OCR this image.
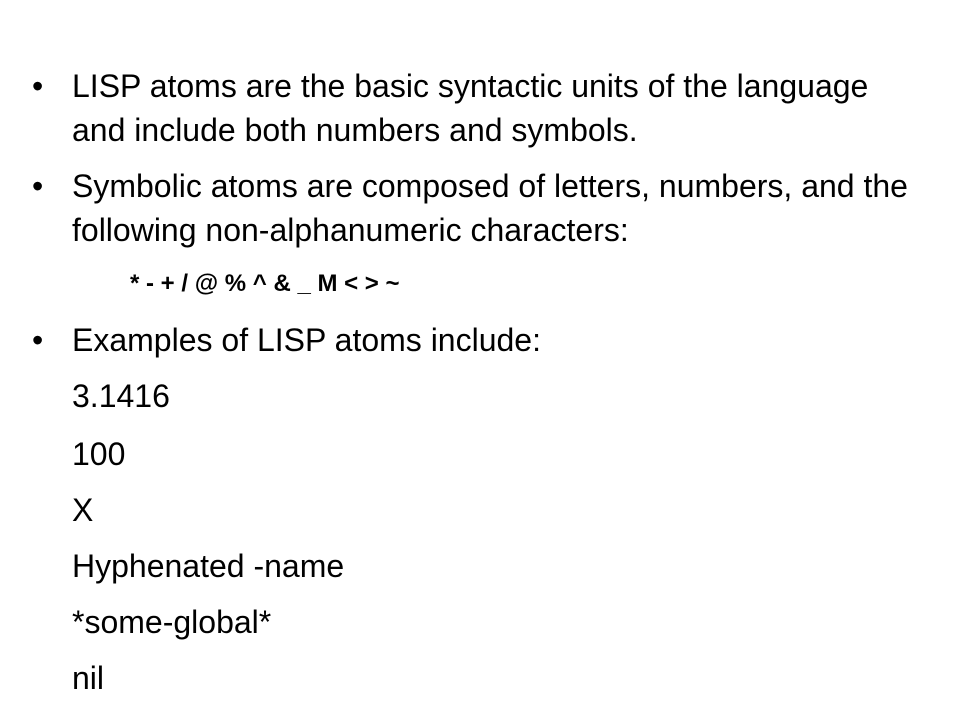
• LISP atoms are the basic syntactic units of the language and include both numbers and symbols.
• Symbolic atoms are composed of letters, numbers, and the following non-alphanumeric characters:
* - + / @ % ^ & _ M < > ~
• Examples of LISP atoms include:
3.1416
100
X
Hyphenated -name
*some-global*
nil
